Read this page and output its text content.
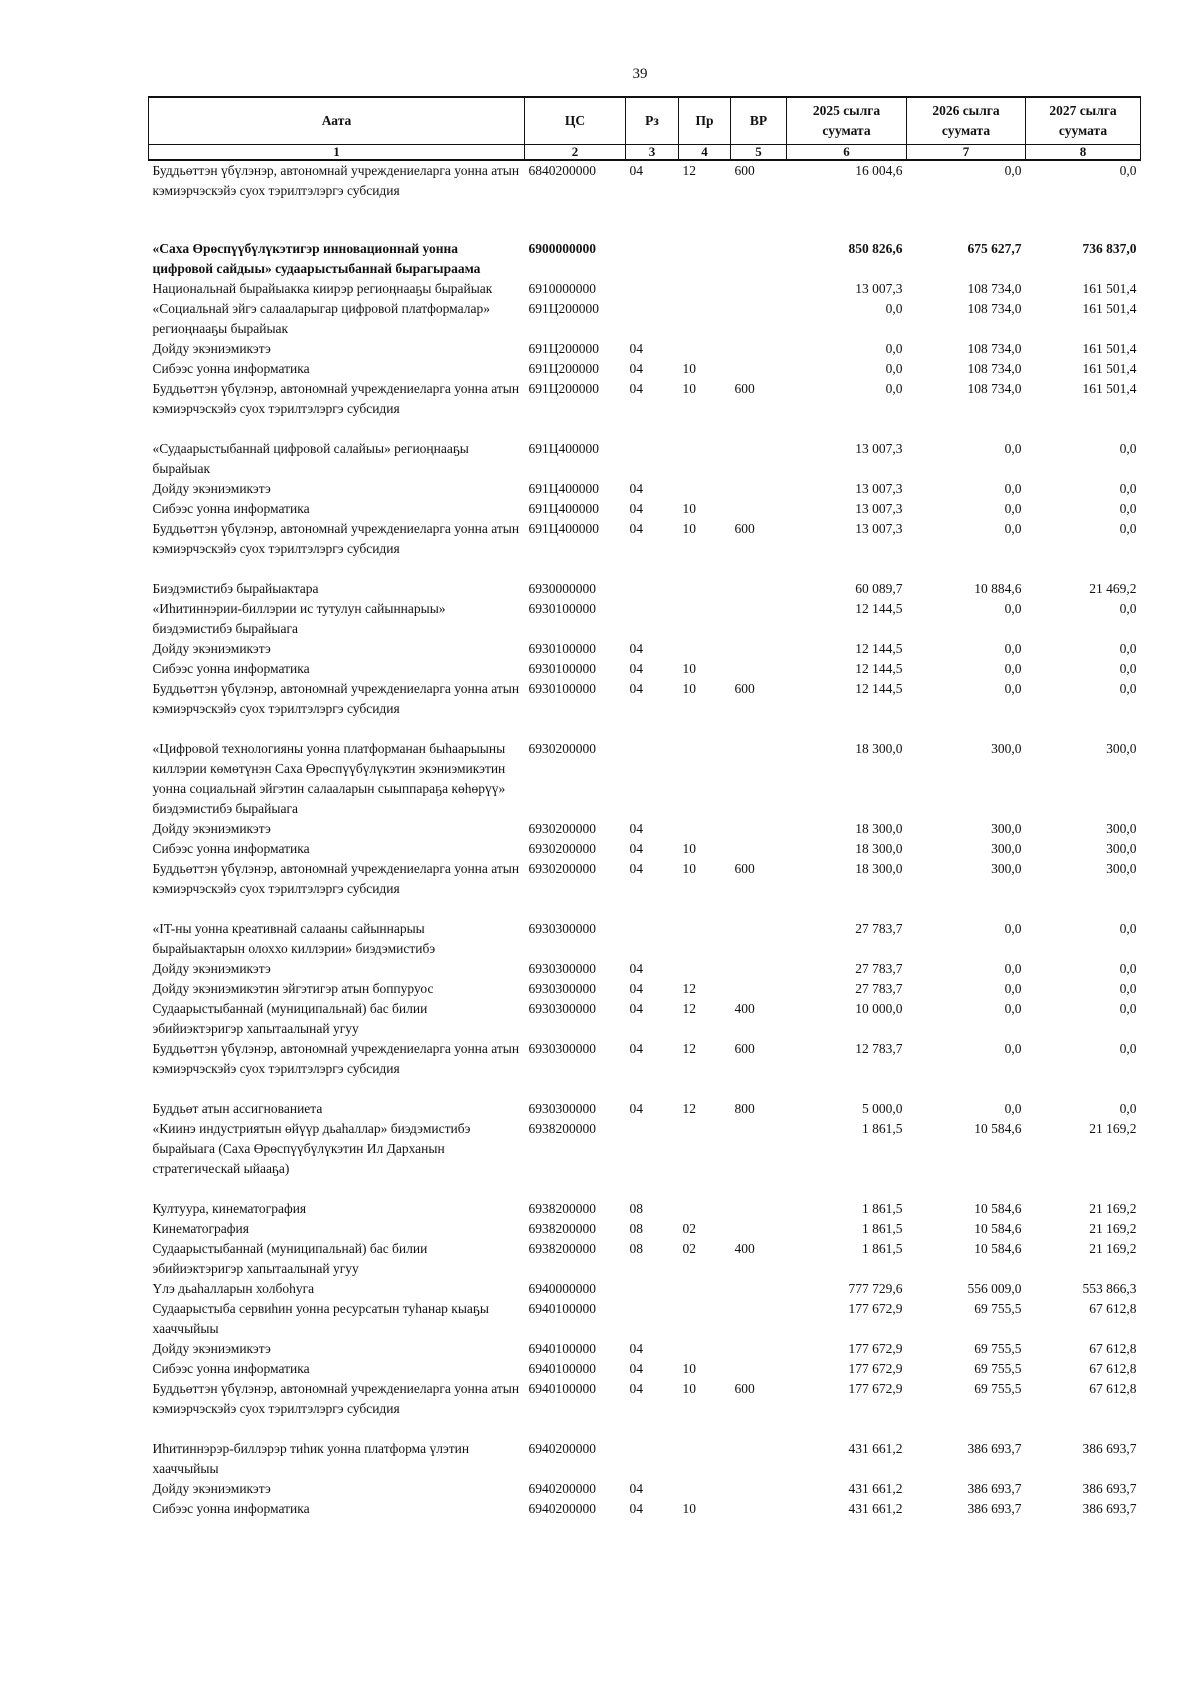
39
Аата	ЦС	Рз	Пр	ВР	2025 сылга суумата	2026 сылга суумата	2027 сылга суумата
1	2	3	4	5	6	7	8
Буддьөттэн үбүлэнэр, автономнай учреждениеларга уонна атын кэмиэрчэскэйэ суох тэрилтэлэргэ субсидия	6840200000	04	12	600	16 004,6	0,0	0,0

«Саха Өрөспүүбүлүкэтигэр инновационнай уонна цифровой сайдыы» судаарыстыбаннай бырагыраама	6900000000				850 826,6	675 627,7	736 837,0
Национальнай бырайыакка киирэр региоңнааҕы бырайыак	6910000000				13 007,3	108 734,0	161 501,4
«Социальнай эйгэ салааларыгар цифровой платформалар» региоңнааҕы бырайыак	691Ц200000				0,0	108 734,0	161 501,4
Дойду экэниэмикэтэ	691Ц200000	04			0,0	108 734,0	161 501,4
Сибээс уонна информатика	691Ц200000	04	10		0,0	108 734,0	161 501,4
Буддьөттэн үбүлэнэр, автономнай учреждениеларга уонна атын кэмиэрчэскэйэ суох тэрилтэлэргэ субсидия	691Ц200000	04	10	600	0,0	108 734,0	161 501,4

«Судаарыстыбаннай цифровой салайыы» региоңнааҕы бырайыак	691Ц400000				13 007,3	0,0	0,0
Дойду экэниэмикэтэ	691Ц400000	04			13 007,3	0,0	0,0
Сибээс уонна информатика	691Ц400000	04	10		13 007,3	0,0	0,0
Буддьөттэн үбүлэнэр, автономнай учреждениеларга уонна атын кэмиэрчэскэйэ суох тэрилтэлэргэ субсидия	691Ц400000	04	10	600	13 007,3	0,0	0,0

Биэдэмистибэ бырайыактара	6930000000				60 089,7	10 884,6	21 469,2
«Иһитиннэрии-биллэрии ис тутулун сайыннарыы» биэдэмистибэ бырайыага	6930100000				12 144,5	0,0	0,0
Дойду экэниэмикэтэ	6930100000	04			12 144,5	0,0	0,0
Сибээс уонна информатика	6930100000	04	10		12 144,5	0,0	0,0
Буддьөттэн үбүлэнэр, автономнай учреждениеларга уонна атын кэмиэрчэскэйэ суох тэрилтэлэргэ субсидия	6930100000	04	10	600	12 144,5	0,0	0,0

«Цифровой технологияны уонна платформанан быһаарыыны киллэрии көмөтүнэн Саха Өрөспүүбүлүкэтин экэниэмикэтин уонна социальнай эйгэтин салааларын сыыппараҕа көһөрүү» биэдэмистибэ бырайыага	6930200000				18 300,0	300,0	300,0
Дойду экэниэмикэтэ	6930200000	04			18 300,0	300,0	300,0
Сибээс уонна информатика	6930200000	04	10		18 300,0	300,0	300,0
Буддьөттэн үбүлэнэр, автономнай учреждениеларга уонна атын кэмиэрчэскэйэ суох тэрилтэлэргэ субсидия	6930200000	04	10	600	18 300,0	300,0	300,0

«IT-ны уонна креативнай салааны сайыннарыы бырайыактарын олоххо киллэрии» биэдэмистибэ	6930300000				27 783,7	0,0	0,0
Дойду экэниэмикэтэ	6930300000	04			27 783,7	0,0	0,0
Дойду экэниэмикэтин эйгэтигэр атын боппуруос	6930300000	04	12		27 783,7	0,0	0,0
Судаарыстыбаннай (муниципальнай) бас билии эбийиэктэригэр хапытаалынай угуу	6930300000	04	12	400	10 000,0	0,0	0,0
Буддьөттэн үбүлэнэр, автономнай учреждениеларга уонна атын кэмиэрчэскэйэ суох тэрилтэлэргэ субсидия	6930300000	04	12	600	12 783,7	0,0	0,0

Буддьөт атын ассигнованиета	6930300000	04	12	800	5 000,0	0,0	0,0
«Киинэ индустриятын өйүүр дьаһаллар» биэдэмистибэ бырайыага (Саха Өрөспүүбүлүкэтин Ил Дарханын стратегическай ыйааҕа)	6938200000				1 861,5	10 584,6	21 169,2

Култуура, кинематография	6938200000	08			1 861,5	10 584,6	21 169,2
Кинематография	6938200000	08	02		1 861,5	10 584,6	21 169,2
Судаарыстыбаннай (муниципальнай) бас билии эбийиэктэригэр хапытаалынай угуу	6938200000	08	02	400	1 861,5	10 584,6	21 169,2
Үлэ дьаһалларын холбоһуга	6940000000				777 729,6	556 009,0	553 866,3
Судаарыстыба сервиһин уонна ресурсатын туһанар кыаҕы хааччыйыы	6940100000				177 672,9	69 755,5	67 612,8
Дойду экэниэмикэтэ	6940100000	04			177 672,9	69 755,5	67 612,8
Сибээс уонна информатика	6940100000	04	10		177 672,9	69 755,5	67 612,8
Буддьөттэн үбүлэнэр, автономнай учреждениеларга уонна атын кэмиэрчэскэйэ суох тэрилтэлэргэ субсидия	6940100000	04	10	600	177 672,9	69 755,5	67 612,8

Иһитиннэрэр-биллэрэр тиһик уонна платформа үлэтин хааччыйыы	6940200000				431 661,2	386 693,7	386 693,7
Дойду экэниэмикэтэ	6940200000	04			431 661,2	386 693,7	386 693,7
Сибээс уонна информатика	6940200000	04	10		431 661,2	386 693,7	386 693,7
